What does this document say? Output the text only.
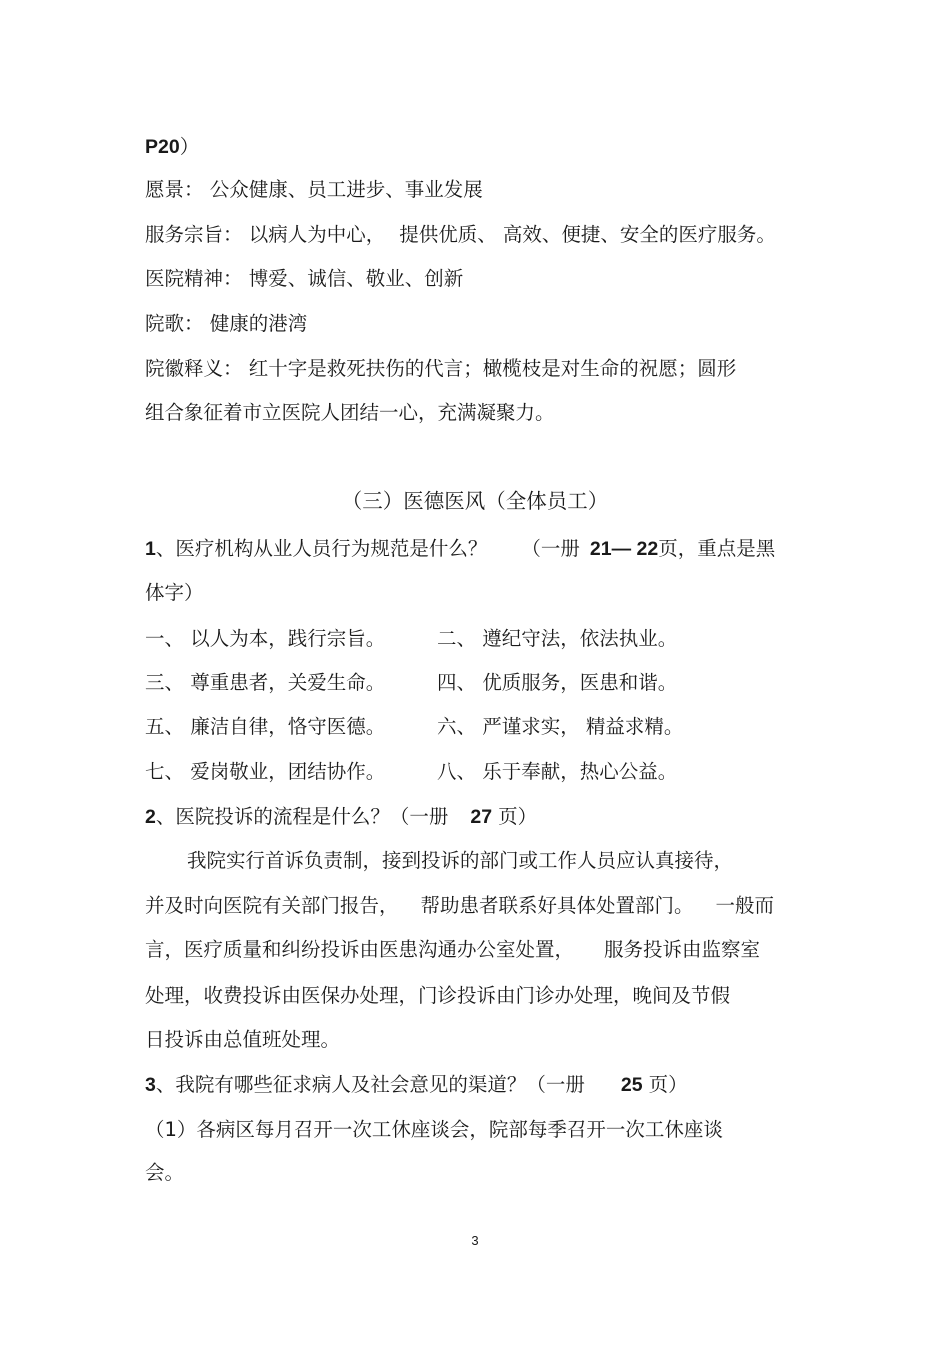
P20）
愿景： 公众健康、员工进步、事业发展
服务宗旨： 以病人为中心， 提供优质、 高效、便捷、安全的医疗服务。
医院精神： 博爱、诚信、敬业、创新
院歌： 健康的港湾
院徽释义： 红十字是救死扶伤的代言；橄榄枝是对生命的祝愿；圆形
组合象征着市立医院人团结一心，充满凝聚力。
（三）医德医风（全体员工）
1、医疗机构从业人员行为规范是什么？ （一册 21— 22页，重点是黑
体字）
一、 以人为本，践行宗旨。	二、 遵纪守法，依法执业。
三、 尊重患者，关爱生命。	四、 优质服务，医患和谐。
五、 廉洁自律，恪守医德。	六、 严谨求实， 精益求精。
七、 爱岗敬业，团结协作。	八、 乐于奉献，热心公益。
2、医院投诉的流程是什么？（一册 27 页）
我院实行首诉负责制，接到投诉的部门或工作人员应认真接待，
并及时向医院有关部门报告， 帮助患者联系好具体处置部门。 一般而
言，医疗质量和纠纷投诉由医患沟通办公室处置， 服务投诉由监察室
处理，收费投诉由医保办处理，门诊投诉由门诊办处理，晚间及节假
日投诉由总值班处理。
3、我院有哪些征求病人及社会意见的渠道？（一册 25 页）
（1）各病区每月召开一次工休座谈会，院部每季召开一次工休座谈
会。
3
